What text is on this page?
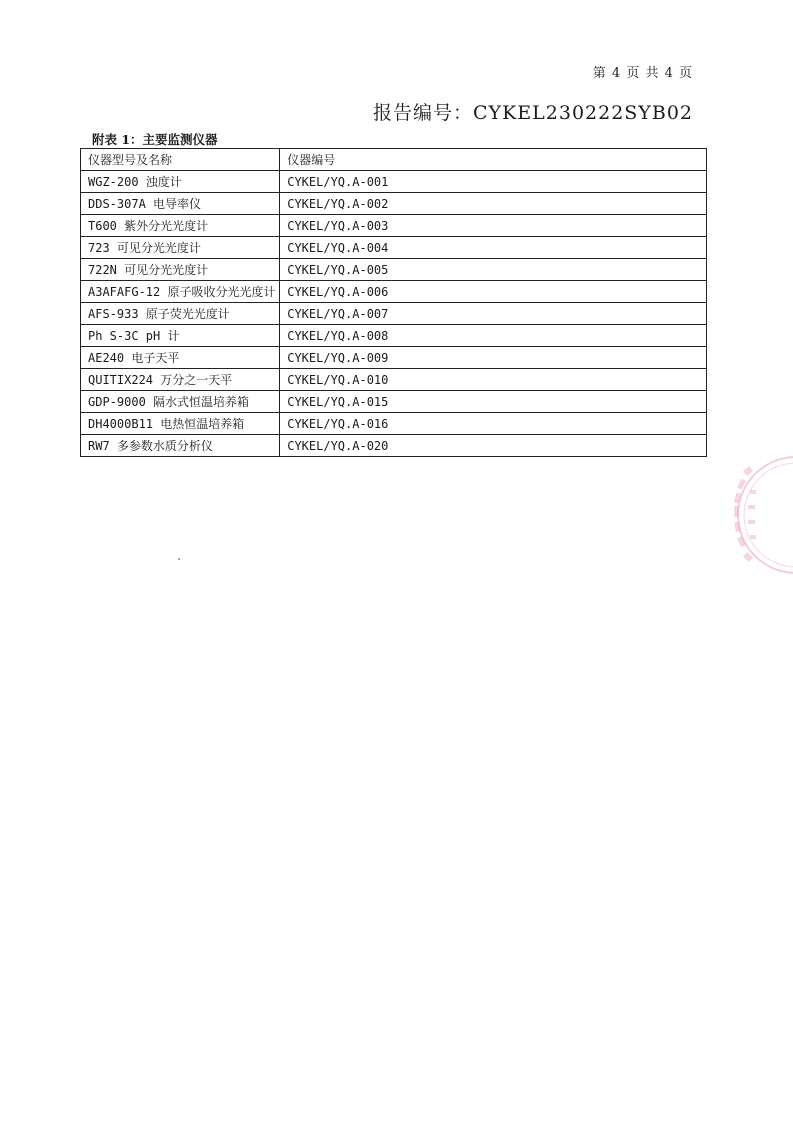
第 4 页 共 4 页
报告编号：CYKEL230222SYB02
附表 1：主要监测仪器
仪器型号及名称	仪器编号
WGZ-200 浊度计	CYKEL/YQ.A-001
DDS-307A 电导率仪	CYKEL/YQ.A-002
T600 紫外分光光度计	CYKEL/YQ.A-003
723 可见分光光度计	CYKEL/YQ.A-004
722N 可见分光光度计	CYKEL/YQ.A-005
A3AFAFG-12 原子吸收分光光度计	CYKEL/YQ.A-006
AFS-933 原子荧光光度计	CYKEL/YQ.A-007
Ph S-3C pH 计	CYKEL/YQ.A-008
AE240 电子天平	CYKEL/YQ.A-009
QUITIX224 万分之一天平	CYKEL/YQ.A-010
GDP-9000 隔水式恒温培养箱	CYKEL/YQ.A-015
DH4000B11 电热恒温培养箱	CYKEL/YQ.A-016
RW7 多参数水质分析仪	CYKEL/YQ.A-020
